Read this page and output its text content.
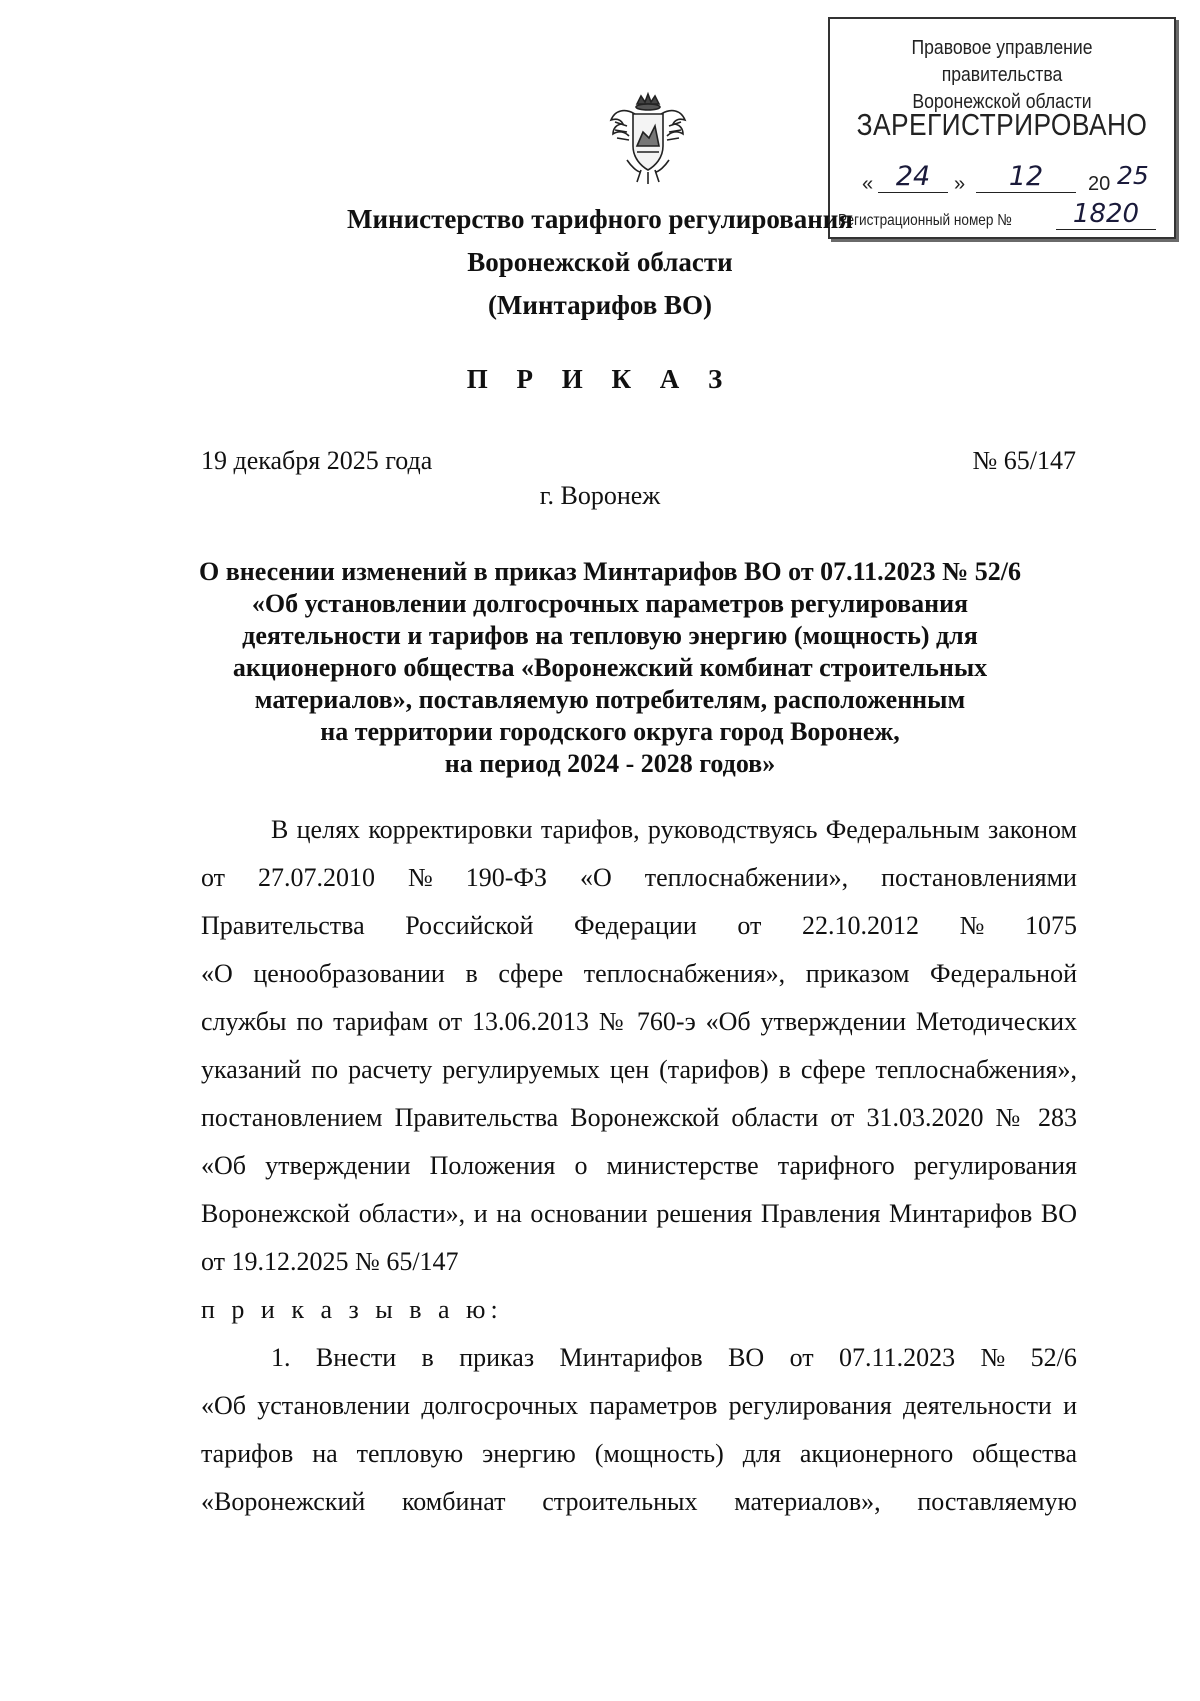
Правовое управление правительства
Воронежской области
ЗАРЕГИСТРИРОВАНО
« 24	»	12	20 25
Регистрационный номер №	1820
Министерство тарифного регулирования
Воронежской области
(Минтарифов ВО)
П Р И К А З
19 декабря 2025 года	№ 65/147
г. Воронеж
О внесении изменений в приказ Минтарифов ВО от 07.11.2023 № 52/6
«Об установлении долгосрочных параметров регулирования
деятельности и тарифов на тепловую энергию (мощность) для
акционерного общества «Воронежский комбинат строительных
материалов», поставляемую потребителям, расположенным
на территории городского округа город Воронеж,
на период 2024 - 2028 годов»
В целях корректировки тарифов, руководствуясь Федеральным законом
от 27.07.2010 № 190-ФЗ «О теплоснабжении», постановлениями
Правительства Российской Федерации от 22.10.2012 № 1075
«О ценообразовании в сфере теплоснабжения», приказом Федеральной
службы по тарифам от 13.06.2013 № 760-э «Об утверждении Методических
указаний по расчету регулируемых цен (тарифов) в сфере теплоснабжения»,
постановлением Правительства Воронежской области от 31.03.2020 № 283
«Об утверждении Положения о министерстве тарифного регулирования
Воронежской области», и на основании решения Правления Минтарифов ВО
от 19.12.2025 № 65/147
п р и к а з ы в а ю:
1. Внести в приказ Минтарифов ВО от 07.11.2023 № 52/6
«Об установлении долгосрочных параметров регулирования деятельности и
тарифов на тепловую энергию (мощность) для акционерного общества
«Воронежский комбинат строительных материалов», поставляемую
